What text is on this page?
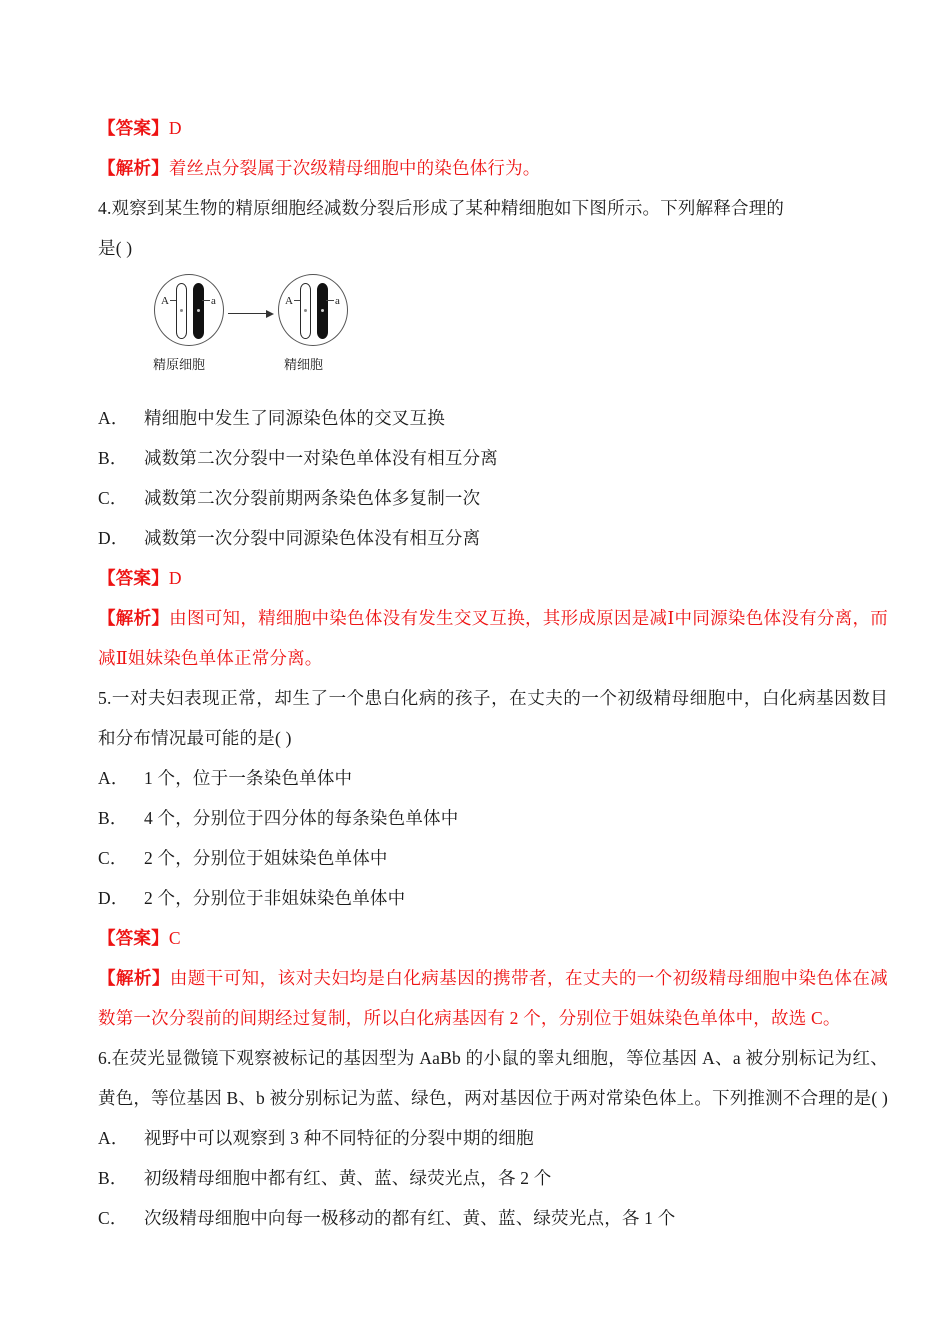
【答案】D
【解析】着丝点分裂属于次级精母细胞中的染色体行为。
4.观察到某生物的精原细胞经减数分裂后形成了某种精细胞如下图所示。下列解释合理的
是( )
A	a
精原细胞
A	a
精细胞
A． 精细胞中发生了同源染色体的交叉互换
B． 减数第二次分裂中一对染色单体没有相互分离
C． 减数第二次分裂前期两条染色体多复制一次
D． 减数第一次分裂中同源染色体没有相互分离
【答案】D
【解析】由图可知，精细胞中染色体没有发生交叉互换，其形成原因是减Ⅰ中同源染色体没有分离，而减Ⅱ姐妹染色单体正常分离。
5.一对夫妇表现正常，却生了一个患白化病的孩子，在丈夫的一个初级精母细胞中，白化病基因数目和分布情况最可能的是( )
A． 1 个，位于一条染色单体中
B． 4 个，分别位于四分体的每条染色单体中
C． 2 个，分别位于姐妹染色单体中
D． 2 个，分别位于非姐妹染色单体中
【答案】C
【解析】由题干可知，该对夫妇均是白化病基因的携带者，在丈夫的一个初级精母细胞中染色体在减数第一次分裂前的间期经过复制，所以白化病基因有 2 个，分别位于姐妹染色单体中，故选 C。
6.在荧光显微镜下观察被标记的基因型为 AaBb 的小鼠的睾丸细胞，等位基因 A、a 被分别标记为红、黄色，等位基因 B、b 被分别标记为蓝、绿色，两对基因位于两对常染色体上。下列推测不合理的是( )
A． 视野中可以观察到 3 种不同特征的分裂中期的细胞
B． 初级精母细胞中都有红、黄、蓝、绿荧光点，各 2 个
C． 次级精母细胞中向每一极移动的都有红、黄、蓝、绿荧光点，各 1 个
